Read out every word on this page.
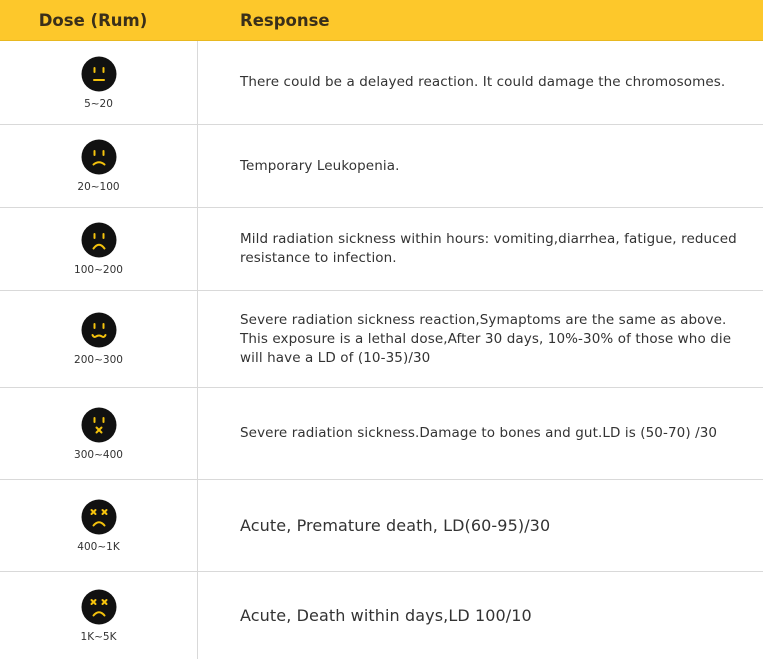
Dose (Rum)	Response
5~20
There could be a delayed reaction. It could damage the chromosomes.
20~100
Temporary Leukopenia.
100~200
Mild radiation sickness within hours: vomiting,diarrhea, fatigue, reduced resistance to infection.
200~300
Severe radiation sickness reaction,Symaptoms are the same as above. This exposure is a lethal dose,After 30 days, 10%-30% of those who die will have a LD of (10-35)/30
300~400
Severe radiation sickness.Damage to bones and gut.LD is (50-70) /30
400~1K
Acute, Premature death, LD(60-95)/30
1K~5K
Acute, Death within days,LD 100/10
